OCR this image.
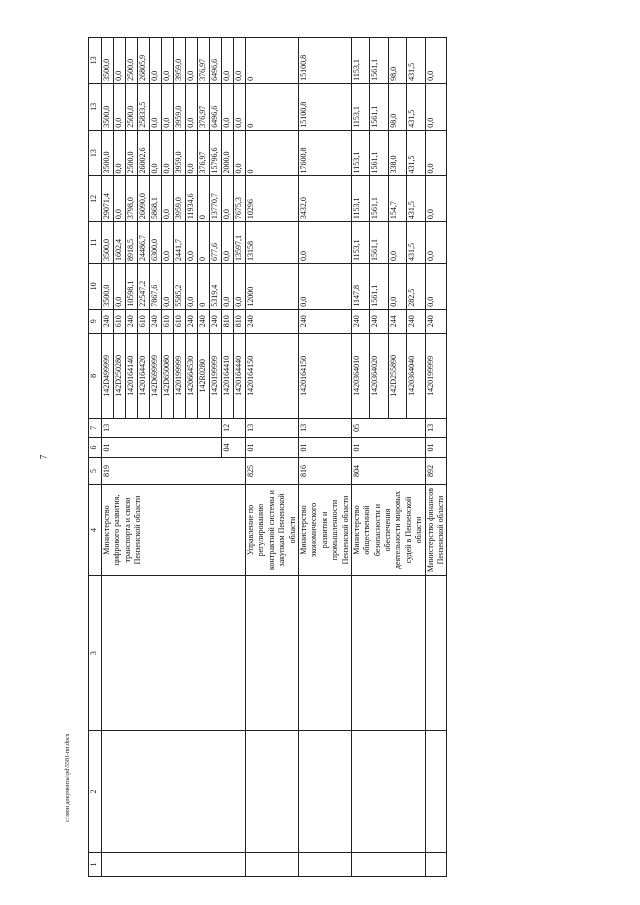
7
c:\мои документы\pd\5581-пп.docx
1	2	3	4	5	6	7	8	9	10	11	12	13	13	13
			Министерство цифрового развития, транспорта и связи Пензенской области	819	01	13	142D499999	240	3500,0	3500,0	29071,4	3500,0	3500,0	3500,0
							142D250280	610	0,0	1602,4	0,0	0,0	0,0	0,0
							1420164140	240	10598,1	8918,5	3798,0	2500,0	2500,0	2500,0
							1420164420	610	22547,2	24486,7	26090,0	26002,6	25833,5	26805,9
							142D699999	240	7867,6	6300,0	5868,1	0,0	0,0	0,0
							142D650080	610	0,0	0,0	0,0	0,0	0,0	0,0
							1420199999	610	5585,2	2441,7	3959,0	3959,0	3959,0	3959,0
							1420664530	240	0,0	0,0	11934,6	0,0	0,0	0,0
							142R0280	240	0	0	0	376,97	376,97	376,97
							1420199999	240	5319,4	677,6	13770,7	15796,6	6496,6	6496,6
					04	12	1420164410	810	0,0	0,0	0,0	2000,0	0,0	0,0
							1420164440	810	0,0	13597,1	7675,3	0,0	0,0	0,0
			Управление по регулированию контрактной системы и закупкам Пензенской области	825	01	13	1420164150	240	12000	13158	10296	0	0	0
			Министерство экономического развития и промышленности Пензенской области	816	01	13	1420164150	240	0,0	0,0	3432,0	17600,8	15100,8	15100,8
			Министерство общественной безопасности и обеспечения деятельности мировых судей в Пензенской области	804	01	05	1420364010	240	1147,8	1153,1	1153,1	1153,1	1153,1	1153,1
							1420364020	240	1561,1	1561,1	1561,1	1561,1	1561,1	1561,1
							142D255890	244	0,0	0,0	154,7	338,0	98,0	98,0
							1420364040	240	282,5	431,5	431,5	431,5	431,5	431,5
			Министерство финансов Пензенской области	892	01	13	1420199999	240	0,0	0,0	0,0	0,0	0,0	0,0
